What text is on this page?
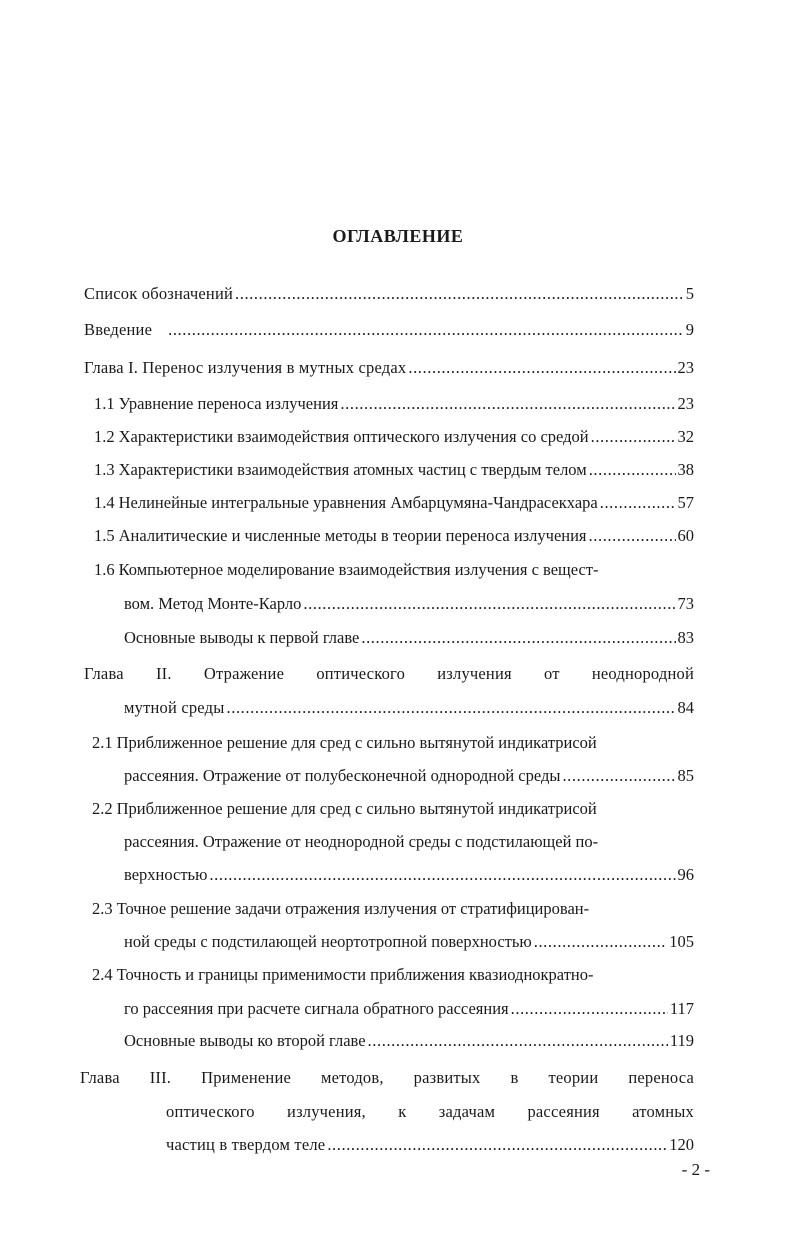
ОГЛАВЛЕНИЕ
Список обозначений .....	5
Введение .....	9
Глава I. Перенос излучения в мутных средах .....	23
1.1 Уравнение переноса излучения .....	23
1.2 Характеристики взаимодействия оптического излучения со средой .....	32
1.3 Характеристики взаимодействия атомных частиц с твердым телом .....	38
1.4 Нелинейные интегральные уравнения Амбарцумяна-Чандрасекхара .....	57
1.5 Аналитические и численные методы в теории переноса излучения .....	60
1.6 Компьютерное моделирование взаимодействия излучения с вещест-
вом. Метод Монте-Карло .....	73
Основные выводы к первой главе .....	83
Глава II. Отражение оптического излучения от неоднородной
мутной среды .....	84
2.1 Приближенное решение для сред с сильно вытянутой индикатрисой
рассеяния. Отражение от полубесконечной однородной среды .....	85
2.2 Приближенное решение для сред с сильно вытянутой индикатрисой
рассеяния. Отражение от неоднородной среды с подстилающей по-
верхностью .....	96
2.3 Точное решение задачи отражения излучения от стратифицирован-
ной среды с подстилающей неортотропной поверхностью .....	105
2.4 Точность и границы применимости приближения квазиоднократно-
го рассеяния при расчете сигнала обратного рассеяния .....	117
Основные выводы ко второй главе .....	119
Глава III. Применение методов, развитых в теории переноса
оптического излучения, к задачам рассеяния атомных
частиц в твердом теле .....	120
- 2 -
